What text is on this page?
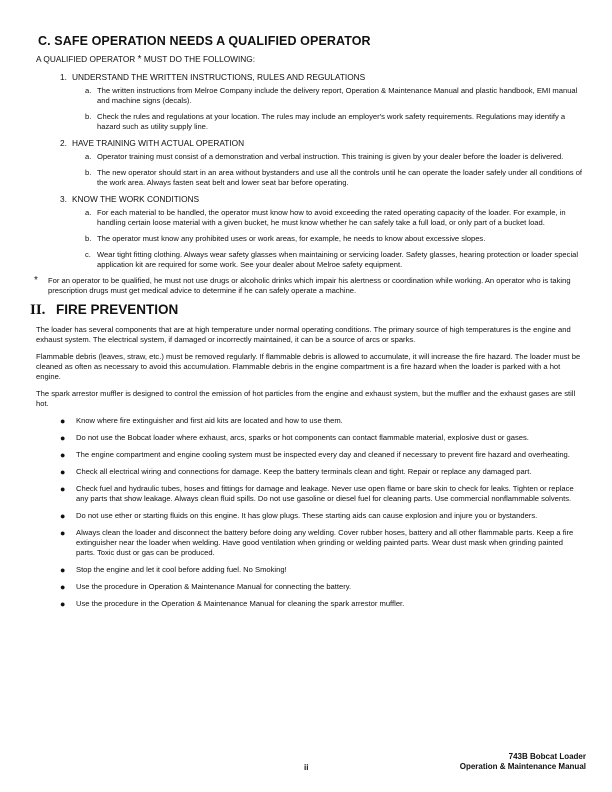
C. SAFE OPERATION NEEDS A QUALIFIED OPERATOR
A QUALIFIED OPERATOR * MUST DO THE FOLLOWING:
1. UNDERSTAND THE WRITTEN INSTRUCTIONS, RULES AND REGULATIONS
a. The written instructions from Melroe Company include the delivery report, Operation & Maintenance Manual and plastic handbook, EMI manual and machine signs (decals).
b. Check the rules and regulations at your location. The rules may include an employer's work safety requirements. Regulations may identify a hazard such as utility supply line.
2. HAVE TRAINING WITH ACTUAL OPERATION
a. Operator training must consist of a demonstration and verbal instruction. This training is given by your dealer before the loader is delivered.
b. The new operator should start in an area without bystanders and use all the controls until he can operate the loader safely under all conditions of the work area. Always fasten seat belt and lower seat bar before operating.
3. KNOW THE WORK CONDITIONS
a. For each material to be handled, the operator must know how to avoid exceeding the rated operating capacity of the loader. For example, in handling certain loose material with a given bucket, he must know whether he can safely take a full load, or only part of a bucket load.
b. The operator must know any prohibited uses or work areas, for example, he needs to know about excessive slopes.
c. Wear tight fitting clothing. Always wear safety glasses when maintaining or servicing loader. Safety glasses, hearing protection or loader special application kit are required for some work. See your dealer about Melroe safety equipment.
*	For an operator to be qualified, he must not use drugs or alcoholic drinks which impair his alertness or coordination while working. An operator who is taking prescription drugs must get medical advice to determine if he can safely operate a machine.
II. FIRE PREVENTION
The loader has several components that are at high temperature under normal operating conditions. The primary source of high temperatures is the engine and exhaust system. The electrical system, if damaged or incorrectly maintained, it can be a source of arcs or sparks.
Flammable debris (leaves, straw, etc.) must be removed regularly. If flammable debris is allowed to accumulate, it will increase the fire hazard. The loader must be cleaned as often as necessary to avoid this accumulation. Flammable debris in the engine compartment is a fire hazard when the loader is parked with a hot engine.
The spark arrestor muffler is designed to control the emission of hot particles from the engine and exhaust system, but the muffler and the exhaust gases are still hot.
●	Know where fire extinguisher and first aid kits are located and how to use them.
●	Do not use the Bobcat loader where exhaust, arcs, sparks or hot components can contact flammable material, explosive dust or gases.
●	The engine compartment and engine cooling system must be inspected every day and cleaned if necessary to prevent fire hazard and overheating.
●	Check all electrical wiring and connections for damage. Keep the battery terminals clean and tight. Repair or replace any damaged part.
●	Check fuel and hydraulic tubes, hoses and fittings for damage and leakage. Never use open flame or bare skin to check for leaks. Tighten or replace any parts that show leakage. Always clean fluid spills. Do not use gasoline or diesel fuel for cleaning parts. Use commercial nonflammable solvents.
●	Do not use ether or starting fluids on this engine. It has glow plugs. These starting aids can cause explosion and injure you or bystanders.
●	Always clean the loader and disconnect the battery before doing any welding. Cover rubber hoses, battery and all other flammable parts. Keep a fire extinguisher near the loader when welding. Have good ventilation when grinding or welding painted parts. Wear dust mask when grinding painted parts. Toxic dust or gas can be produced.
●	Stop the engine and let it cool before adding fuel. No Smoking!
●	Use the procedure in Operation & Maintenance Manual for connecting the battery.
●	Use the procedure in the Operation & Maintenance Manual for cleaning the spark arrestor muffler.
743B Bobcat Loader
Operation & Maintenance Manual
ii
